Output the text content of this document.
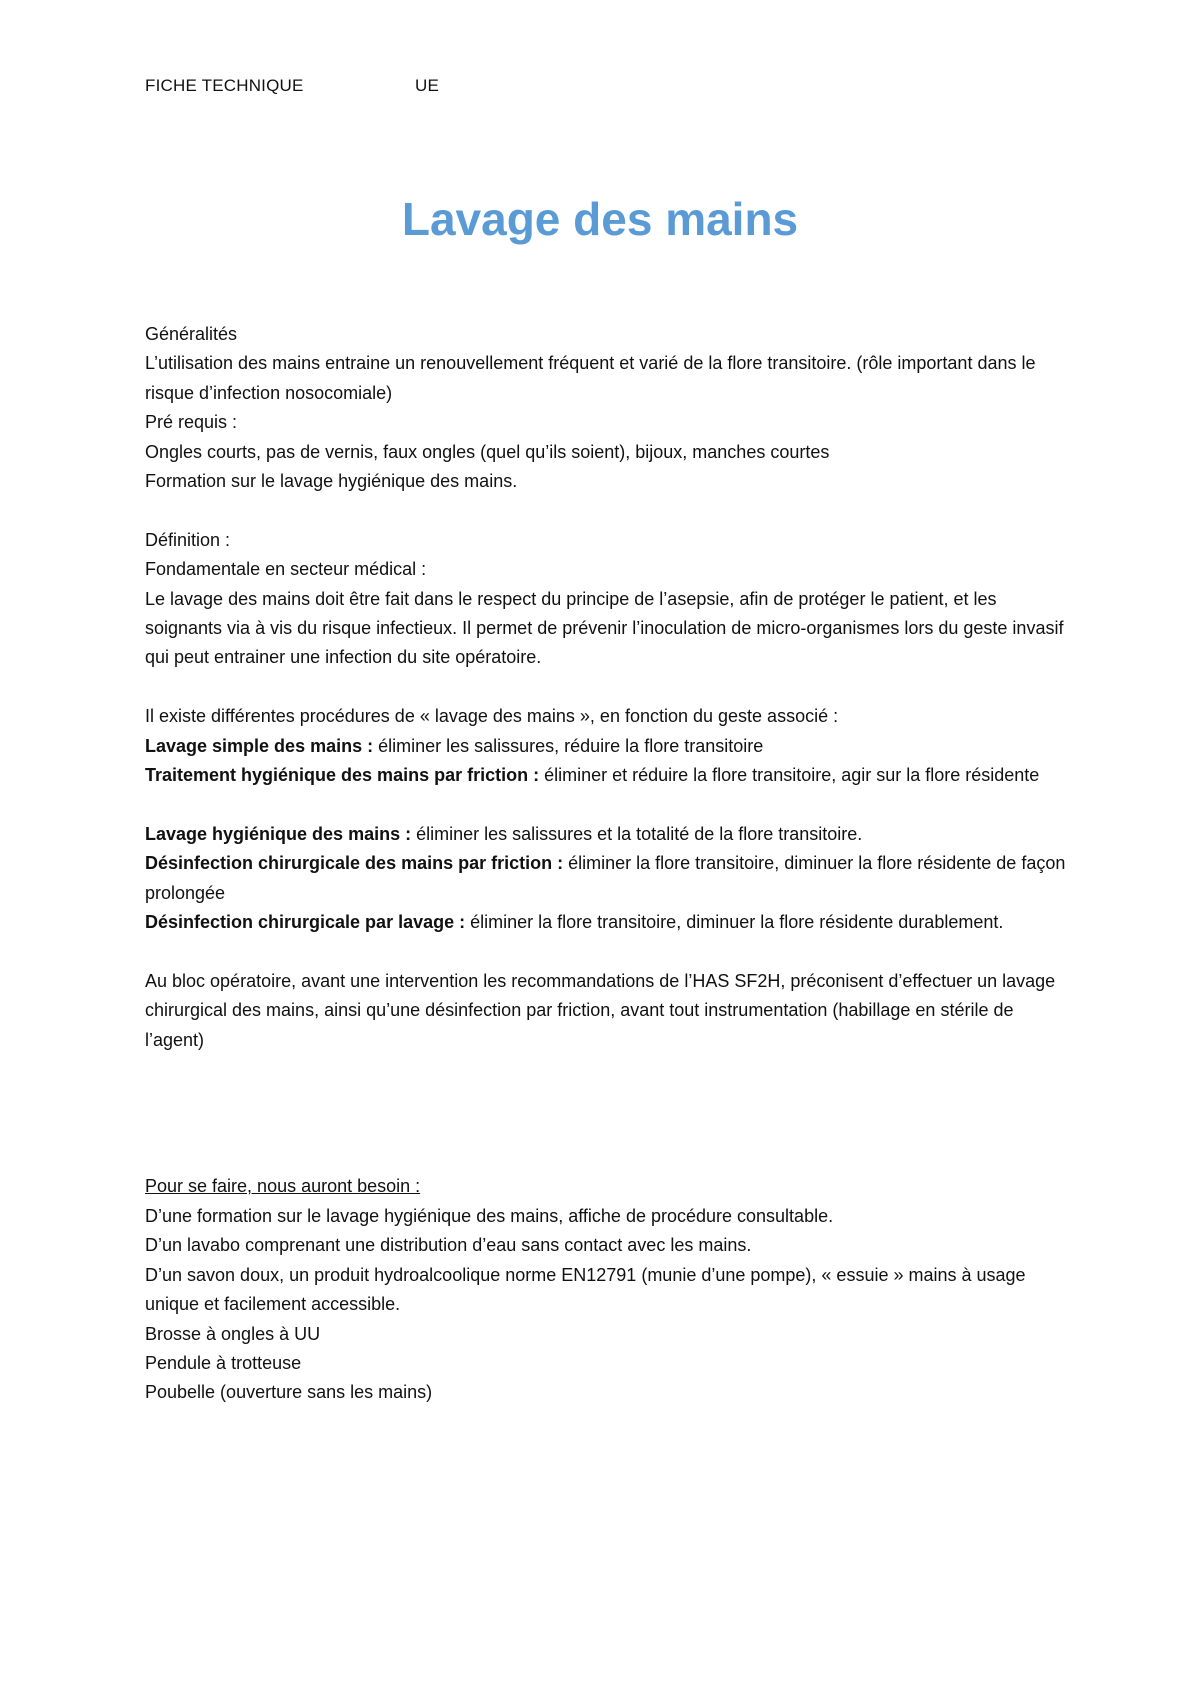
FICHE TECHNIQUE	UE
Lavage des mains

Généralités

L’utilisation des mains entraine un renouvellement fréquent et varié de la flore transitoire. (rôle important dans le risque d’infection nosocomiale)

Pré requis :

Ongles courts, pas de vernis, faux ongles (quel qu’ils soient), bijoux, manches courtes

Formation sur le lavage hygiénique des mains.

Définition :

Fondamentale en secteur médical :

Le lavage des mains doit être fait dans le respect du principe de l’asepsie, afin de protéger le patient, et les soignants via à vis du risque infectieux. Il permet de prévenir l’inoculation de micro-organismes lors du geste invasif qui peut entrainer une infection du site opératoire.

Il existe différentes procédures de « lavage des mains », en fonction du geste associé :

Lavage simple des mains : éliminer les salissures, réduire la flore transitoire

Traitement hygiénique des mains par friction : éliminer et réduire la flore transitoire, agir sur la flore résidente

Lavage hygiénique des mains : éliminer les salissures et la totalité de la flore transitoire.

Désinfection chirurgicale des mains par friction : éliminer la flore transitoire, diminuer la flore résidente de façon prolongée

Désinfection chirurgicale par lavage : éliminer la flore transitoire, diminuer la flore résidente durablement.

Au bloc opératoire, avant une intervention les recommandations de l’HAS SF2H, préconisent d’effectuer un lavage chirurgical des mains, ainsi qu’une désinfection par friction, avant tout instrumentation (habillage en stérile de l’agent)

Pour se faire, nous auront besoin :

D’une formation sur le lavage hygiénique des mains, affiche de procédure consultable.

D’un lavabo comprenant une distribution d’eau sans contact avec les mains.

D’un savon doux, un produit hydroalcoolique norme EN12791 (munie d’une pompe), « essuie » mains à usage unique et facilement accessible.

Brosse à ongles à UU

Pendule à trotteuse

Poubelle (ouverture sans les mains)
